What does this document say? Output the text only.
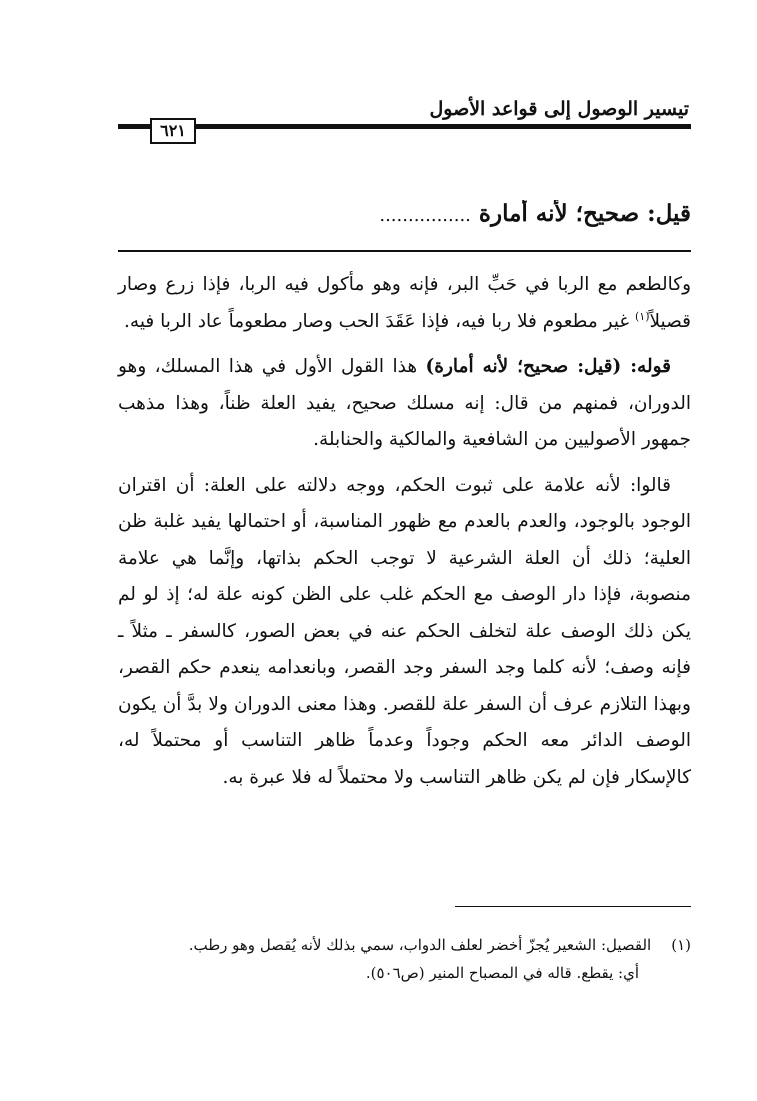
تيسير الوصول إلى قواعد الأصول
٦٢١
قيل: صحيح؛ لأنه أمارة ................

وكالطعم مع الربا في حَبِّ البر، فإنه وهو مأكول فيه الربا، فإذا زرع وصار قصيلاً$^{(١)}$ غير مطعوم فلا ربا فيه، فإذا عَقَدَ الحب وصار مطعوماً عاد الربا فيه.

قوله: (قيل: صحيح؛ لأنه أمارة) هذا القول الأول في هذا المسلك، وهو الدوران، فمنهم من قال: إنه مسلك صحيح، يفيد العلة ظناً، وهذا مذهب جمهور الأصوليين من الشافعية والمالكية والحنابلة.

قالوا: لأنه علامة على ثبوت الحكم، ووجه دلالته على العلة: أن اقتران الوجود بالوجود، والعدم بالعدم مع ظهور المناسبة، أو احتمالها يفيد غلبة ظن العلية؛ ذلك أن العلة الشرعية لا توجب الحكم بذاتها، وإنَّما هي علامة منصوبة، فإذا دار الوصف مع الحكم غلب على الظن كونه علة له؛ إذ لو لم يكن ذلك الوصف علة لتخلف الحكم عنه في بعض الصور، كالسفر ـ مثلاً ـ فإنه وصف؛ لأنه كلما وجد السفر وجد القصر، وبانعدامه ينعدم حكم القصر، وبهذا التلازم عرف أن السفر علة للقصر. وهذا معنى الدوران ولا بدَّ أن يكون الوصف الدائر معه الحكم وجوداً وعدماً ظاهر التناسب أو محتملاً له، كالإسكار فإن لم يكن ظاهر التناسب ولا محتملاً له فلا عبرة به.

(١)القصيل: الشعير يُجزّ أخضر لعلف الدواب، سمي بذلك لأنه يُقصل وهو رطب.
أي: يقطع. قاله في المصباح المنير (ص٥٠٦).
